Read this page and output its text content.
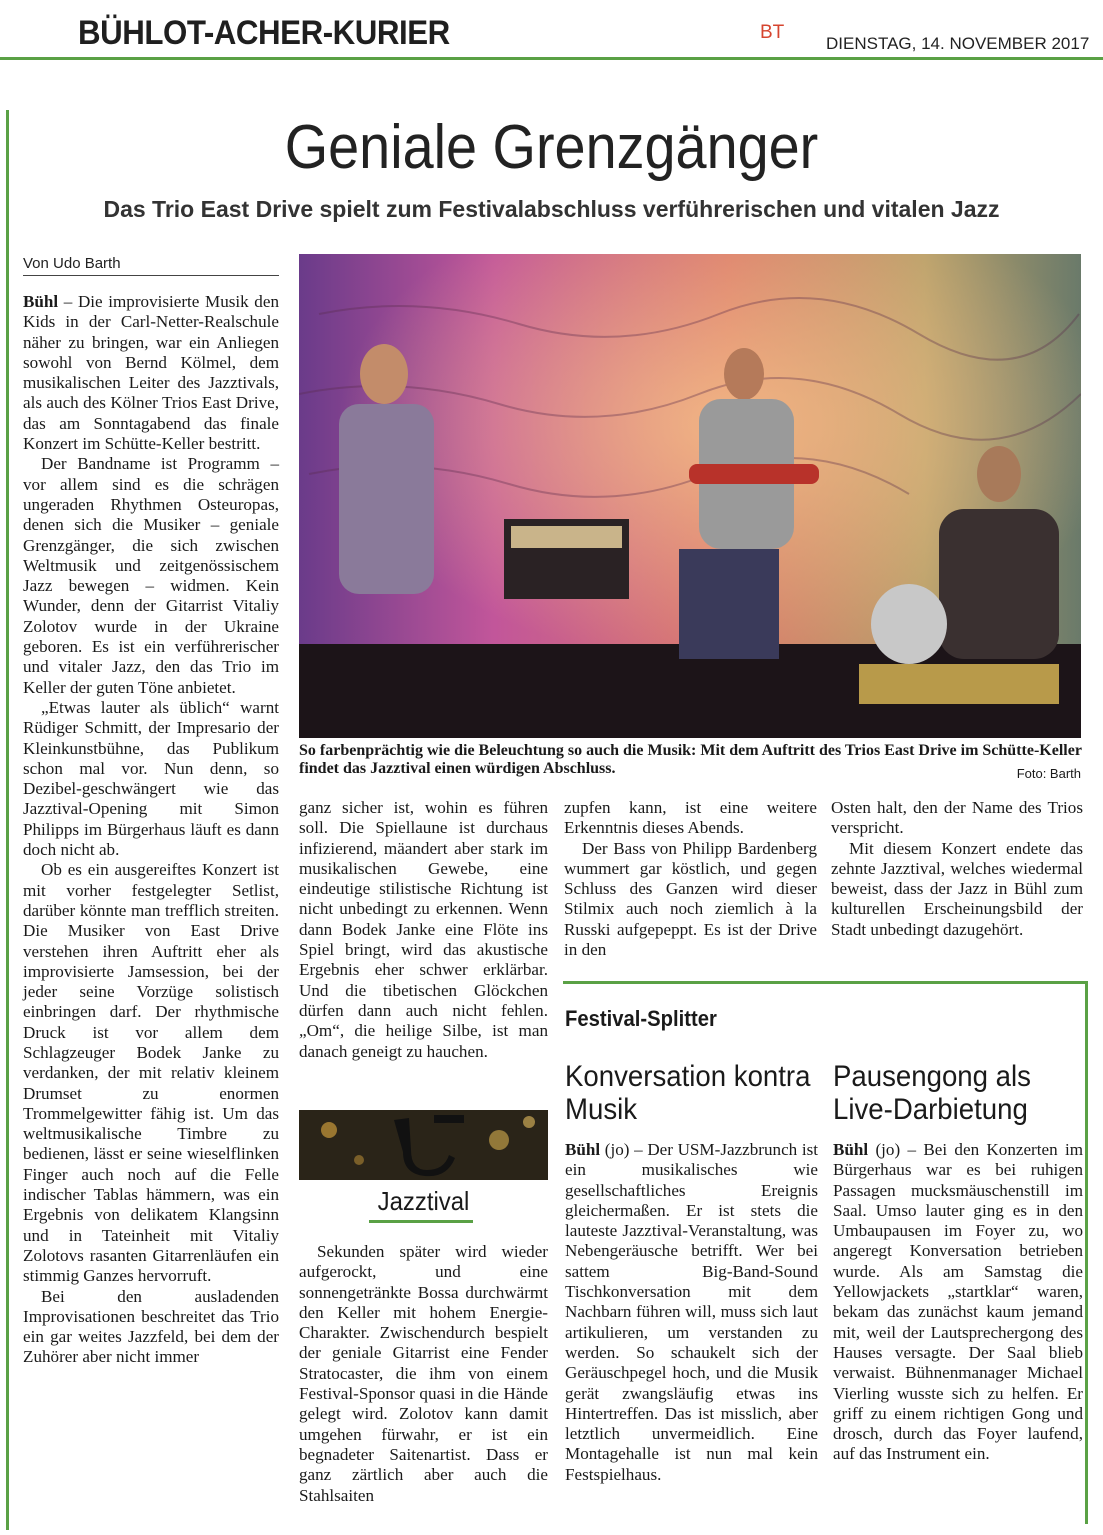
BÜHLOT-ACHER-KURIER	BT
DIENSTAG, 14. NOVEMBER 2017
Geniale Grenzgänger
Das Trio East Drive spielt zum Festivalabschluss verführerischen und vitalen Jazz
Von Udo Barth
So farbenprächtig wie die Beleuchtung so auch die Musik: Mit dem Auftritt des Trios East Drive im Schütte-Keller findet das Jazztival einen würdigen Abschluss.	Foto: Barth

Bühl – Die improvisierte Musik den Kids in der Carl-Netter-Realschule näher zu bringen, war ein Anliegen sowohl von Bernd Kölmel, dem musikalischen Leiter des Jazztivals, als auch des Kölner Trios East Drive, das am Sonntagabend das finale Konzert im Schütte-Keller bestritt.

Der Bandname ist Programm – vor allem sind es die schrägen ungeraden Rhythmen Osteuropas, denen sich die Musiker – geniale Grenzgänger, die sich zwischen Weltmusik und zeitgenössischem Jazz bewegen – widmen. Kein Wunder, denn der Gitarrist Vitaliy Zolotov wurde in der Ukraine geboren. Es ist ein verführerischer und vitaler Jazz, den das Trio im Keller der guten Töne anbietet.

„Etwas lauter als üblich“ warnt Rüdiger Schmitt, der Impresario der Kleinkunstbühne, das Publikum schon mal vor. Nun denn, so Dezibel-geschwängert wie das Jazztival-Opening mit Simon Philipps im Bürgerhaus läuft es dann doch nicht ab.

Ob es ein ausgereiftes Konzert ist mit vorher festgelegter Setlist, darüber könnte man trefflich streiten. Die Musiker von East Drive verstehen ihren Auftritt eher als improvisierte Jamsession, bei der jeder seine Vorzüge solistisch einbringen darf. Der rhythmische Druck ist vor allem dem Schlagzeuger Bodek Janke zu verdanken, der mit relativ kleinem Drumset zu enormen Trommelgewitter fähig ist. Um das weltmusikalische Timbre zu bedienen, lässt er seine wieselflinken Finger auch noch auf die Felle indischer Tablas hämmern, was ein Ergebnis von delikatem Klangsinn und in Tateinheit mit Vitaliy Zolotovs rasanten Gitarrenläufen ein stimmig Ganzes hervorruft.

Bei den ausladenden Improvisationen beschreitet das Trio ein gar weites Jazzfeld, bei dem der Zuhörer aber nicht immer

ganz sicher ist, wohin es führen soll. Die Spiellaune ist durchaus infizierend, mäandert aber stark im musikalischen Gewebe, eine eindeutige stilistische Richtung ist nicht unbedingt zu erkennen. Wenn dann Bodek Janke eine Flöte ins Spiel bringt, wird das akustische Ergebnis eher schwer erklärbar. Und die tibetischen Glöckchen dürfen dann auch nicht fehlen. „Om“, die heilige Silbe, ist man danach geneigt zu hauchen.

Jazztival

Sekunden später wird wieder aufgerockt, und eine sonnengetränkte Bossa durchwärmt den Keller mit hohem Energie-Charakter. Zwischendurch bespielt der geniale Gitarrist eine Fender Stratocaster, die ihm von einem Festival-Sponsor quasi in die Hände gelegt wird. Zolotov kann damit umgehen fürwahr, er ist ein begnadeter Saitenartist. Dass er ganz zärtlich aber auch die Stahlsaiten

zupfen kann, ist eine weitere Erkenntnis dieses Abends.

Der Bass von Philipp Bardenberg wummert gar köstlich, und gegen Schluss des Ganzen wird dieser Stilmix auch noch ziemlich à la Russki aufgepeppt. Es ist der Drive in den

Osten halt, den der Name des Trios verspricht.

Mit diesem Konzert endete das zehnte Jazztival, welches wiedermal beweist, dass der Jazz in Bühl zum kulturellen Erscheinungsbild der Stadt unbedingt dazugehört.

Festival-Splitter
Konversation kontra Musik

Bühl (jo) – Der USM-Jazzbrunch ist ein musikalisches wie gesellschaftliches Ereignis gleichermaßen. Er ist stets die lauteste Jazztival-Veranstaltung, was Nebengeräusche betrifft. Wer bei sattem Big-Band-Sound Tischkonversation mit dem Nachbarn führen will, muss sich laut artikulieren, um verstanden zu werden. So schaukelt sich der Geräuschpegel hoch, und die Musik gerät zwangsläufig etwas ins Hintertreffen. Das ist misslich, aber letztlich unvermeidlich. Eine Montagehalle ist nun mal kein Festspielhaus.

Pausengong als Live-Darbietung

Bühl (jo) – Bei den Konzerten im Bürgerhaus war es bei ruhigen Passagen mucksmäuschenstill im Saal. Umso lauter ging es in den Umbaupausen im Foyer zu, wo angeregt Konversation betrieben wurde. Als am Samstag die Yellowjackets „startklar“ waren, bekam das zunächst kaum jemand mit, weil der Lautsprechergong des Hauses versagte. Der Saal blieb verwaist. Bühnenmanager Michael Vierling wusste sich zu helfen. Er griff zu einem richtigen Gong und drosch, durch das Foyer laufend, auf das Instrument ein.
